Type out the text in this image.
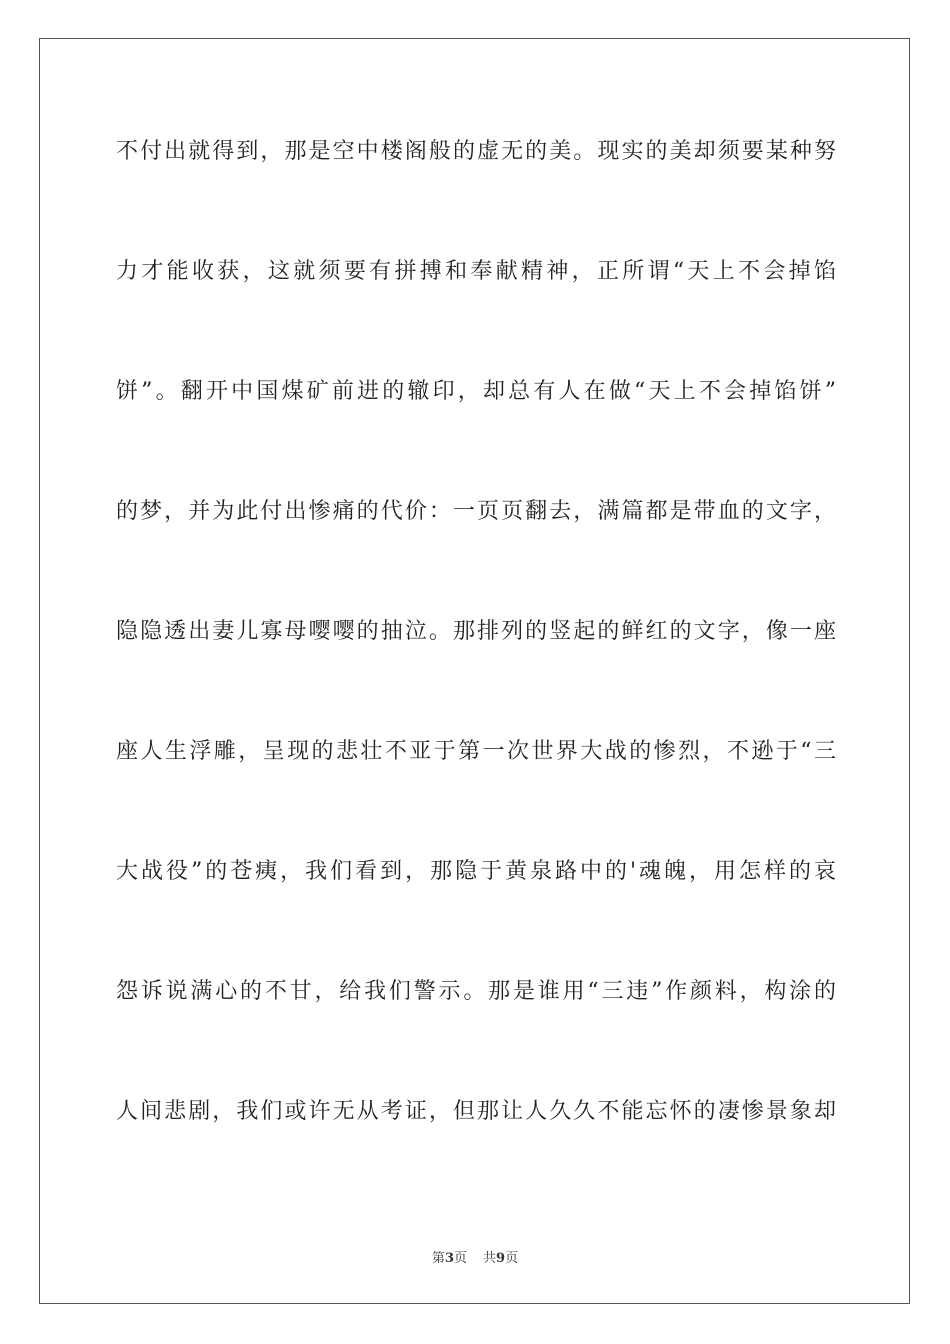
不付出就得到，那是空中楼阁般的虚无的美。现实的美却须要某种努
力才能收获，这就须要有拼搏和奉献精神，正所谓“天上不会掉馅
饼”。翻开中国煤矿前进的辙印，却总有人在做“天上不会掉馅饼”
的梦，并为此付出惨痛的代价：一页页翻去，满篇都是带血的文字，
隐隐透出妻儿寡母嘤嘤的抽泣。那排列的竖起的鲜红的文字，像一座
座人生浮雕，呈现的悲壮不亚于第一次世界大战的惨烈，不逊于“三
大战役”的苍痍，我们看到，那隐于黄泉路中的'魂魄，用怎样的哀
怨诉说满心的不甘，给我们警示。那是谁用“三违”作颜料，构涂的
人间悲剧，我们或许无从考证，但那让人久久不能忘怀的凄惨景象却
第3页 共9页
